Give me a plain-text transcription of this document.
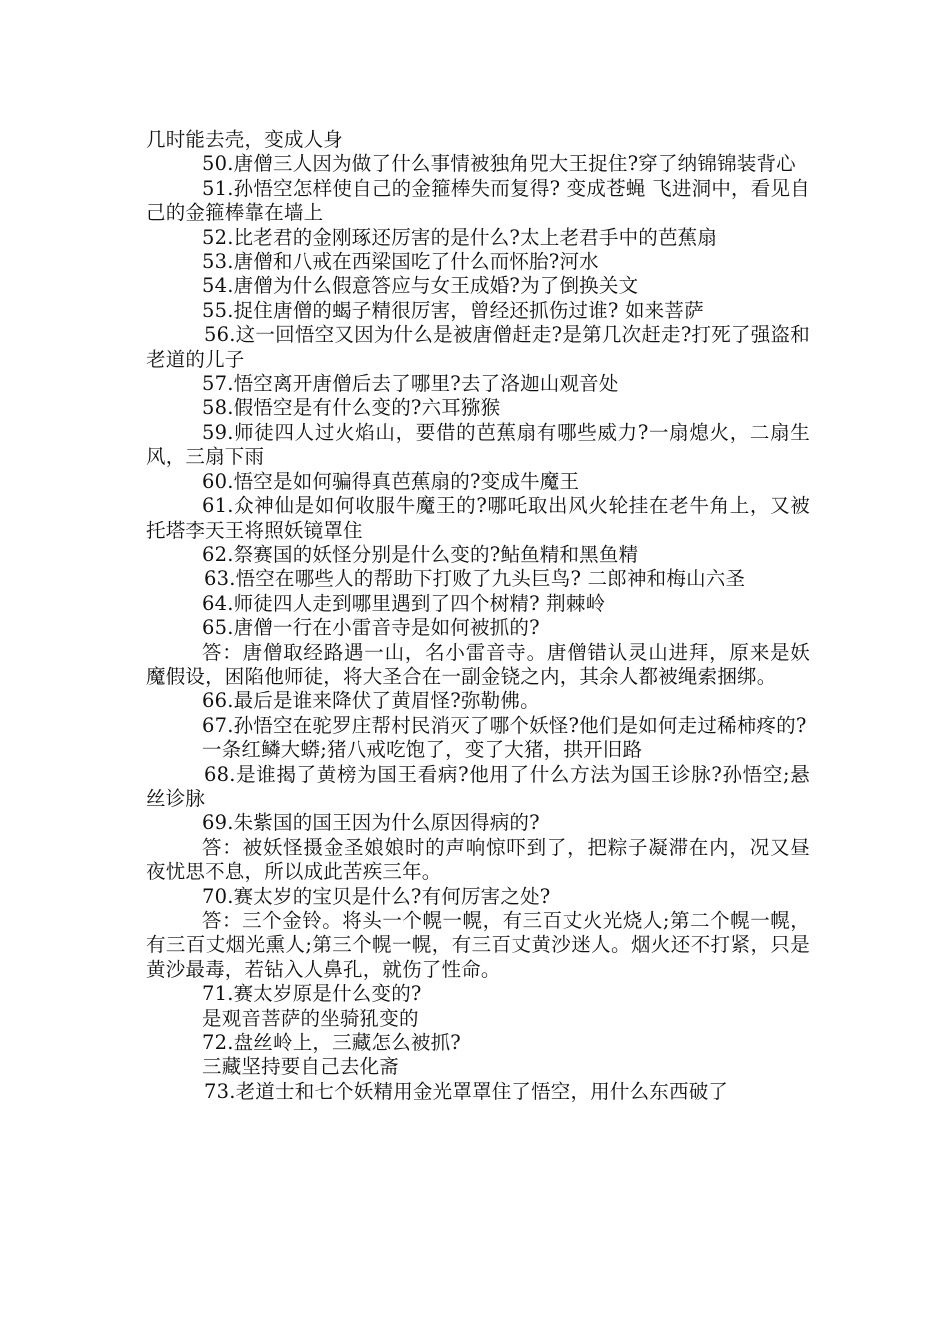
几时能去壳，变成人身

50.唐僧三人因为做了什么事情被独角兕大王捉住?穿了纳锦锦装背心

51.孙悟空怎样使自己的金箍棒失而复得? 变成苍蝇 飞进洞中，看见自己的金箍棒靠在墙上

52.比老君的金刚琢还厉害的是什么?太上老君手中的芭蕉扇

53.唐僧和八戒在西梁国吃了什么而怀胎?河水

54.唐僧为什么假意答应与女王成婚?为了倒换关文

55.捉住唐僧的蝎子精很厉害，曾经还抓伤过谁? 如来菩萨

56.这一回悟空又因为什么是被唐僧赶走?是第几次赶走?打死了强盗和老道的儿子

57.悟空离开唐僧后去了哪里?去了洛迦山观音处

58.假悟空是有什么变的?六耳猕猴

59.师徒四人过火焰山，要借的芭蕉扇有哪些威力?一扇熄火，二扇生风，三扇下雨

60.悟空是如何骗得真芭蕉扇的?变成牛魔王

61.众神仙是如何收服牛魔王的?哪吒取出风火轮挂在老牛角上，又被托塔李天王将照妖镜罩住

62.祭赛国的妖怪分别是什么变的?鲇鱼精和黑鱼精

63.悟空在哪些人的帮助下打败了九头巨鸟? 二郎神和梅山六圣

64.师徒四人走到哪里遇到了四个树精? 荆棘岭

65.唐僧一行在小雷音寺是如何被抓的?

答：唐僧取经路遇一山，名小雷音寺。唐僧错认灵山进拜，原来是妖魔假设，困陷他师徒，将大圣合在一副金铙之内，其余人都被绳索捆绑。

66.最后是谁来降伏了黄眉怪?弥勒佛。

67.孙悟空在驼罗庄帮村民消灭了哪个妖怪?他们是如何走过稀柿疼的?

一条红鳞大蟒;猪八戒吃饱了，变了大猪，拱开旧路

68.是谁揭了黄榜为国王看病?他用了什么方法为国王诊脉?孙悟空;悬丝诊脉

69.朱紫国的国王因为什么原因得病的?

答：被妖怪摄金圣娘娘时的声响惊吓到了，把粽子凝滞在内，况又昼夜忧思不息，所以成此苦疾三年。

70.赛太岁的宝贝是什么?有何厉害之处?

答：三个金铃。将头一个幌一幌，有三百丈火光烧人;第二个幌一幌，有三百丈烟光熏人;第三个幌一幌，有三百丈黄沙迷人。烟火还不打紧，只是黄沙最毒，若钻入人鼻孔，就伤了性命。

71.赛太岁原是什么变的?

是观音菩萨的坐骑犼变的

72.盘丝岭上，三藏怎么被抓?

三藏坚持要自己去化斋

73.老道士和七个妖精用金光罩罩住了悟空，用什么东西破了
